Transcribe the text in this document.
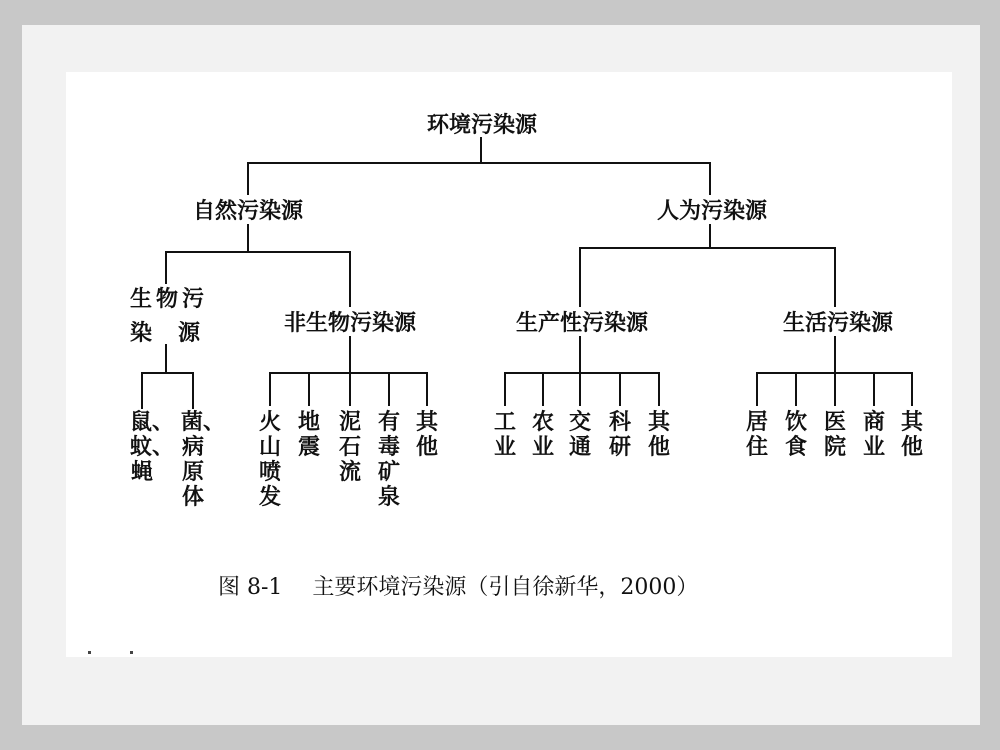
环境污染源
自然污染源	人为污染源
生物污
染源	非生物污染源	生产性污染源	生活污染源
鼠、蚊、蝇
菌、病原体
火山喷发
地震
泥石流
有毒矿泉
其他
工业
农业
交通
科研
其他
居住
饮食
医院
商业
其他
图 8-1 主要环境污染源（引自徐新华，2000）
